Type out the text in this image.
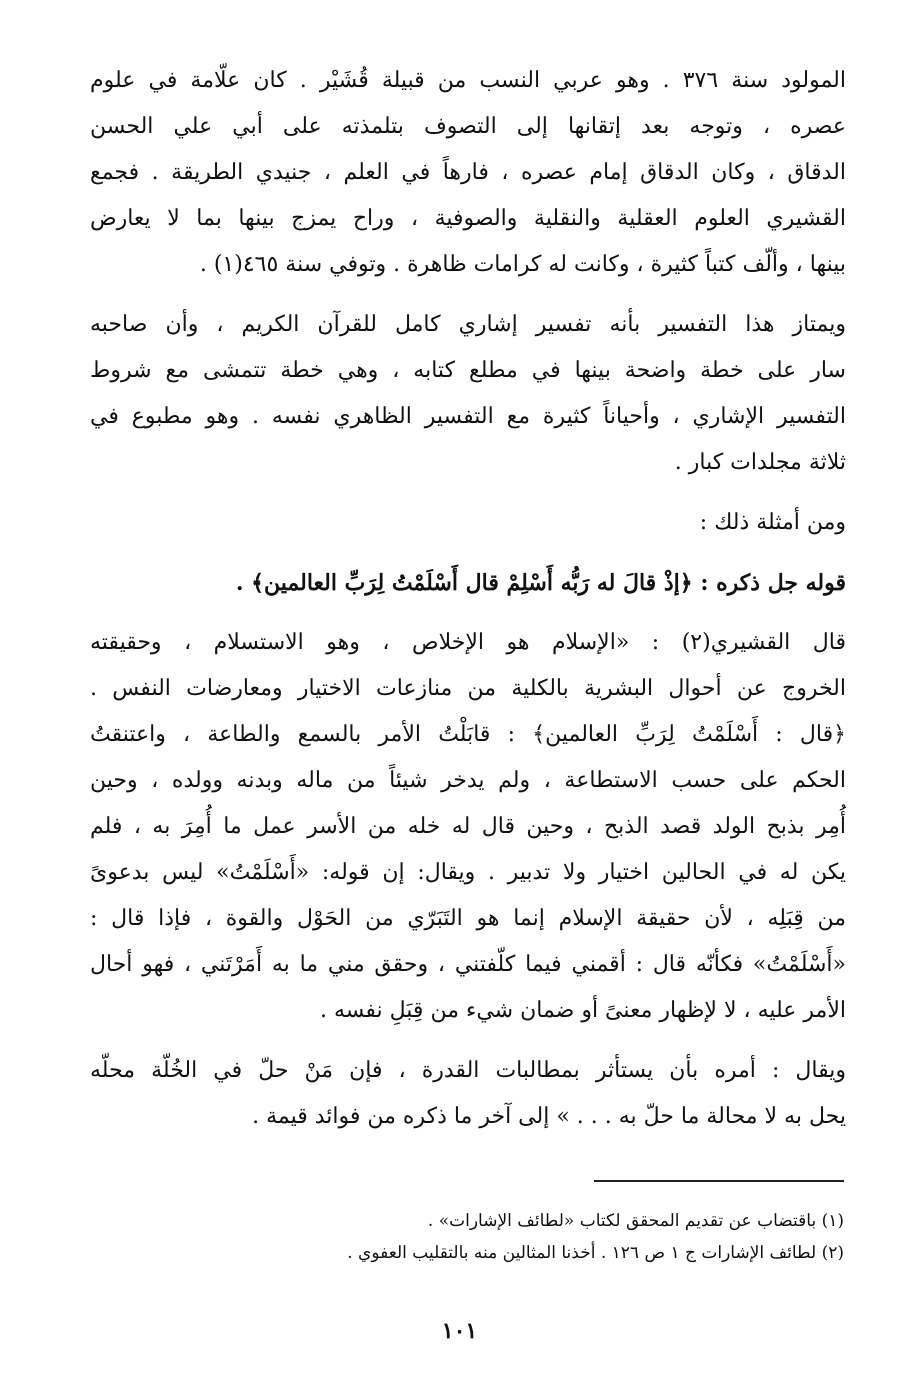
المولود سنة ٣٧٦ . وهو عربي النسب من قبيلة قُشَيْر . كان علّامة في علوم
عصره ، وتوجه بعد إتقانها إلى التصوف بتلمذته على أبي علي الحسن
الدقاق ، وكان الدقاق إمام عصره ، فارهاً في العلم ، جنيدي الطريقة . فجمع
القشيري العلوم العقلية والنقلية والصوفية ، وراح يمزج بينها بما لا يعارض
بينها ، وألّف كتباً كثيرة ، وكانت له كرامات ظاهرة . وتوفي سنة ٤٦٥(١) .

ويمتاز هذا التفسير بأنه تفسير إشاري كامل للقرآن الكريم ، وأن صاحبه
سار على خطة واضحة بينها في مطلع كتابه ، وهي خطة تتمشى مع شروط
التفسير الإشاري ، وأحياناً كثيرة مع التفسير الظاهري نفسه . وهو مطبوع في
ثلاثة مجلدات كبار .

ومن أمثلة ذلك :

قوله جل ذكره : ﴿إذْ قالَ له رَبُّه أَسْلِمْ قال أَسْلَمْتُ لِرَبِّ العالمين﴾ .

قال القشيري(٢) : «الإسلام هو الإخلاص ، وهو الاستسلام ، وحقيقته
الخروج عن أحوال البشرية بالكلية من منازعات الاختيار ومعارضات النفس .
﴿قال : أَسْلَمْتُ لِرَبِّ العالمين﴾ : قابَلْتُ الأمر بالسمع والطاعة ، واعتنقتُ
الحكم على حسب الاستطاعة ، ولم يدخر شيئاً من ماله وبدنه وولده ، وحين
أُمِر بذبح الولد قصد الذبح ، وحين قال له خله من الأسر عمل ما أُمِرَ به ، فلم
يكن له في الحالين اختيار ولا تدبير . ويقال: إن قوله: «أَسْلَمْتُ» ليس بدعوىً
من قِبَلِه ، لأن حقيقة الإسلام إنما هو التَبَرّي من الحَوْل والقوة ، فإذا قال :
«أَسْلَمْتُ» فكأنّه قال : أقمني فيما كلّفتني ، وحقق مني ما به أَمَرْتَني ، فهو أحال
الأمر عليه ، لا لإظهار معنىً أو ضمان شيء من قِبَلِ نفسه .

ويقال : أمره بأن يستأثر بمطالبات القدرة ، فإن مَنْ حلّ في الخُلّة محلّه
يحل به لا محالة ما حلّ به . . . » إلى آخر ما ذكره من فوائد قيمة .

(١) باقتضاب عن تقديم المحقق لكتاب «لطائف الإشارات» .
(٢) لطائف الإشارات ج ١ ص ١٢٦ . أخذنا المثالين منه بالتقليب العفوي .
١٠١
